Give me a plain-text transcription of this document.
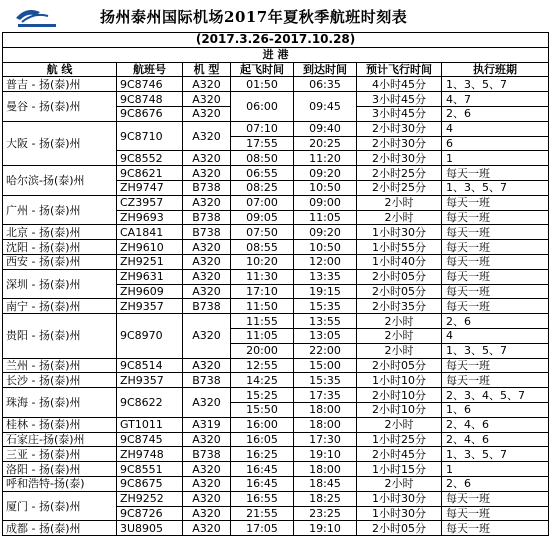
扬州泰州国际机场2017年夏秋季航班时刻表
(2017.3.26-2017.10.28)						
进 港						
航 线	航班号	机 型	起飞时间	到达时间	预计飞行时间	执行班期
普吉 - 扬(泰)州	9C8746	A320	01:50	06:35	4小时45分	1、3、5、7
曼谷 - 扬(泰)州	9C8748	A320	06:00	09:45	3小时45分	4、7
	9C8676	A320			3小时45分	2、6
大阪 - 扬(泰)州	9C8710	A320	07:10	09:40	2小时30分	4
			17:55	20:25	2小时30分	6
	9C8552	A320	08:50	11:20	2小时30分	1
哈尔滨-扬(泰)州	9C8621	A320	06:55	09:20	2小时25分	每天一班
	ZH9747	B738	08:25	10:50	2小时25分	1、3、5、7
广州 - 扬(泰)州	CZ3957	A320	07:00	09:00	2小时	每天一班
	ZH9693	B738	09:05	11:05	2小时	每天一班
北京 - 扬(泰)州	CA1841	B738	07:50	09:20	1小时30分	每天一班
沈阳 - 扬(泰)州	ZH9610	A320	08:55	10:50	1小时55分	每天一班
西安 - 扬(泰)州	ZH9251	A320	10:20	12:00	1小时40分	每天一班
深圳 - 扬(泰)州	ZH9631	A320	11:30	13:35	2小时05分	每天一班
	ZH9609	A320	17:10	19:15	2小时05分	每天一班
南宁 - 扬(泰)州	ZH9357	B738	11:50	15:35	2小时35分	每天一班
贵阳 - 扬(泰)州	9C8970	A320	11:55	13:55	2小时	2、6
			11:05	13:05	2小时	4
			20:00	22:00	2小时	1、3、5、7
兰州 - 扬(泰)州	9C8514	A320	12:55	15:00	2小时05分	每天一班
长沙 - 扬(泰)州	ZH9357	B738	14:25	15:35	1小时10分	每天一班
珠海 - 扬(泰)州	9C8622	A320	15:25	17:35	2小时10分	2、3、4、5、7
			15:50	18:00	2小时10分	1、6
桂林 - 扬(泰)州	GT1011	A319	16:00	18:00	2小时	2、4、6
石家庄-扬(泰)州	9C8745	A320	16:05	17:30	1小时25分	2、4、6
三亚 - 扬(泰)州	ZH9748	B738	16:25	19:10	2小时45分	1、3、5、7
洛阳 - 扬(泰)州	9C8551	A320	16:45	18:00	1小时15分	1
呼和浩特-扬(泰)	9C8675	A320	16:45	18:45	2小时	2、6
厦门 - 扬(泰)州	ZH9252	A320	16:55	18:25	1小时30分	每天一班
	9C8726	A320	21:55	23:25	1小时30分	每天一班
成都 - 扬(泰)州	3U8905	A320	17:05	19:10	2小时05分	每天一班
